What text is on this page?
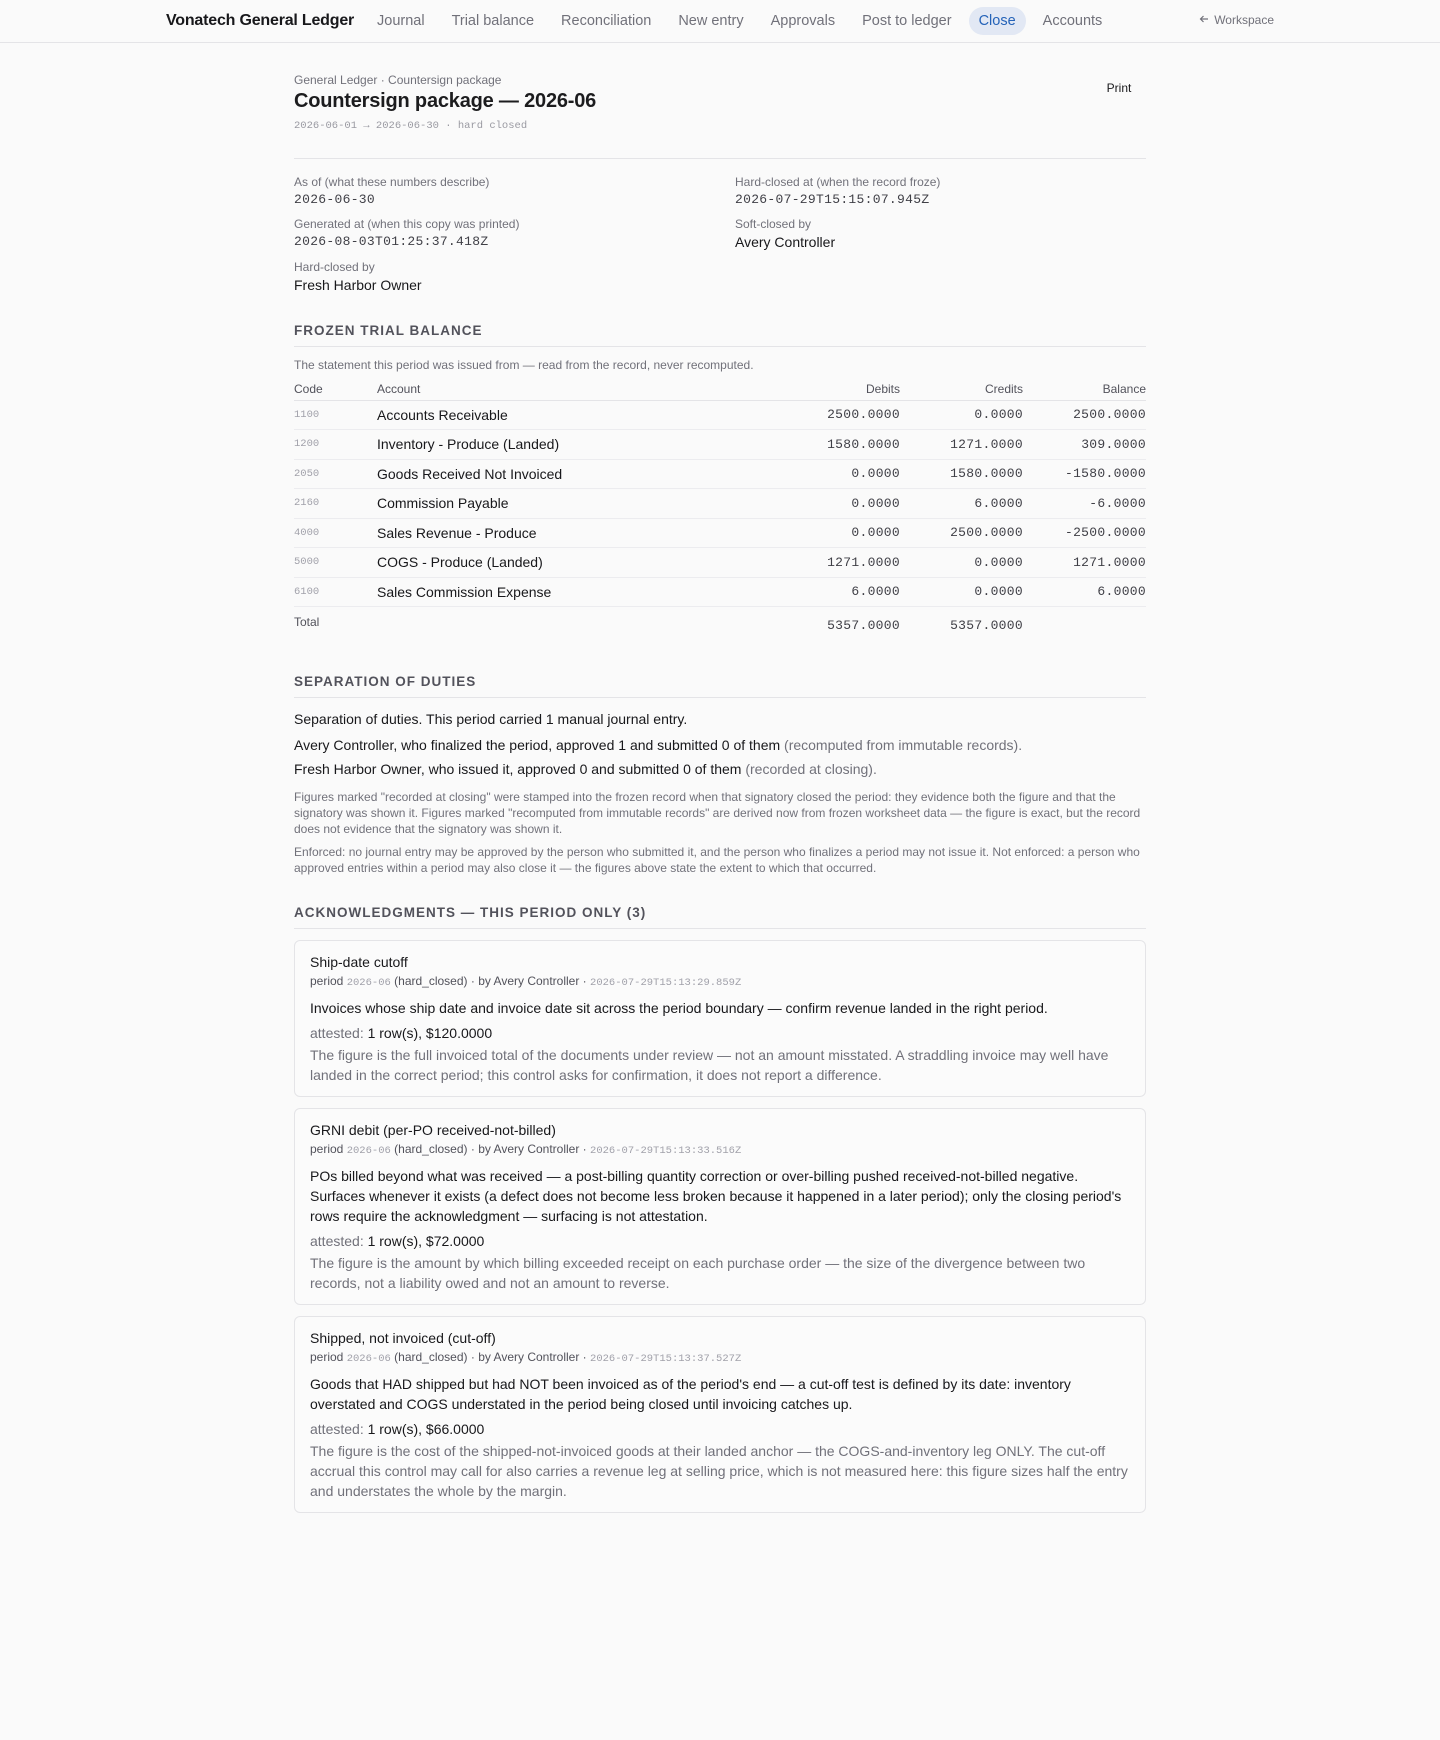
Vonatech General Ledger	Journal	Trial balance	Reconciliation	New entry	Approvals	Post to ledger	Close	Accounts	Workspace
General Ledger · Countersign package
Countersign package — 2026-06
2026-06-01 → 2026-06-30 · hard closed
Print
As of (what these numbers describe)
2026-06-30
Hard-closed at (when the record froze)
2026-07-29T15:15:07.945Z
Generated at (when this copy was printed)
2026-08-03T01:25:37.418Z
Soft-closed by
Avery Controller
Hard-closed by
Fresh Harbor Owner
FROZEN TRIAL BALANCE
The statement this period was issued from — read from the record, never recomputed.
Code	Account	Debits	Credits	Balance
1100	Accounts Receivable	2500.0000	0.0000	2500.0000
1200	Inventory - Produce (Landed)	1580.0000	1271.0000	309.0000
2050	Goods Received Not Invoiced	0.0000	1580.0000	-1580.0000
2160	Commission Payable	0.0000	6.0000	-6.0000
4000	Sales Revenue - Produce	0.0000	2500.0000	-2500.0000
5000	COGS - Produce (Landed)	1271.0000	0.0000	1271.0000
6100	Sales Commission Expense	6.0000	0.0000	6.0000
Total		5357.0000	5357.0000	
SEPARATION OF DUTIES
Separation of duties. This period carried 1 manual journal entry.
Avery Controller, who finalized the period, approved 1 and submitted 0 of them (recomputed from immutable records).
Fresh Harbor Owner, who issued it, approved 0 and submitted 0 of them (recorded at closing).
Figures marked "recorded at closing" were stamped into the frozen record when that signatory closed the period: they evidence both the figure and that the signatory was shown it. Figures marked "recomputed from immutable records" are derived now from frozen worksheet data — the figure is exact, but the record does not evidence that the signatory was shown it.
Enforced: no journal entry may be approved by the person who submitted it, and the person who finalizes a period may not issue it. Not enforced: a person who approved entries within a period may also close it — the figures above state the extent to which that occurred.
ACKNOWLEDGMENTS — THIS PERIOD ONLY (3)
Ship-date cutoff
period 2026-06 (hard_closed) · by Avery Controller · 2026-07-29T15:13:29.859Z
Invoices whose ship date and invoice date sit across the period boundary — confirm revenue landed in the right period.
attested: 1 row(s), $120.0000
The figure is the full invoiced total of the documents under review — not an amount misstated. A straddling invoice may well have landed in the correct period; this control asks for confirmation, it does not report a difference.
GRNI debit (per-PO received-not-billed)
period 2026-06 (hard_closed) · by Avery Controller · 2026-07-29T15:13:33.516Z
POs billed beyond what was received — a post-billing quantity correction or over-billing pushed received-not-billed negative. Surfaces whenever it exists (a defect does not become less broken because it happened in a later period); only the closing period's rows require the acknowledgment — surfacing is not attestation.
attested: 1 row(s), $72.0000
The figure is the amount by which billing exceeded receipt on each purchase order — the size of the divergence between two records, not a liability owed and not an amount to reverse.
Shipped, not invoiced (cut-off)
period 2026-06 (hard_closed) · by Avery Controller · 2026-07-29T15:13:37.527Z
Goods that HAD shipped but had NOT been invoiced as of the period's end — a cut-off test is defined by its date: inventory overstated and COGS understated in the period being closed until invoicing catches up.
attested: 1 row(s), $66.0000
The figure is the cost of the shipped-not-invoiced goods at their landed anchor — the COGS-and-inventory leg ONLY. The cut-off accrual this control may call for also carries a revenue leg at selling price, which is not measured here: this figure sizes half the entry and understates the whole by the margin.
